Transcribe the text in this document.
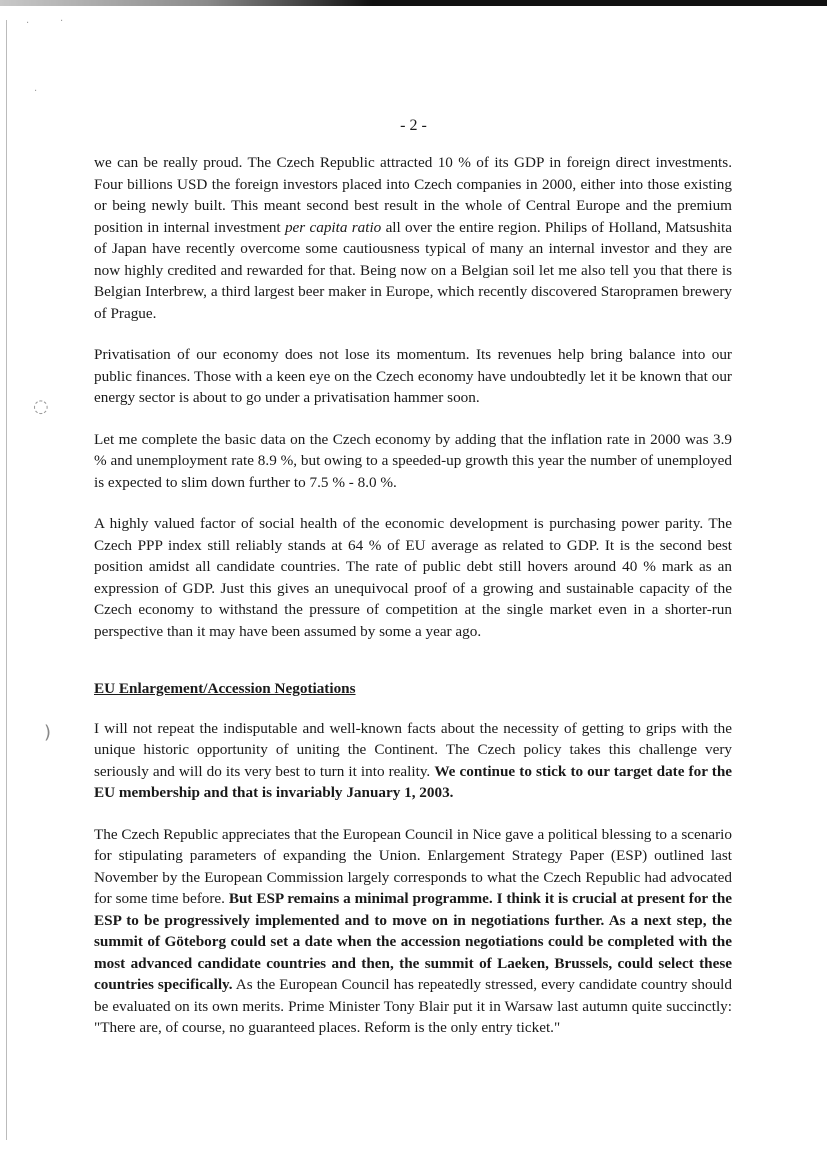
·	·
·
◌
)
- 2 -

we can be really proud. The Czech Republic attracted 10 % of its GDP in foreign direct investments. Four billions USD the foreign investors placed into Czech companies in 2000, either into those existing or being newly built. This meant second best result in the whole of Central Europe and the premium position in internal investment per capita ratio all over the entire region. Philips of Holland, Matsushita of Japan have recently overcome some cautiousness typical of many an internal investor and they are now highly credited and rewarded for that. Being now on a Belgian soil let me also tell you that there is Belgian Interbrew, a third largest beer maker in Europe, which recently discovered Staropramen brewery of Prague.

Privatisation of our economy does not lose its momentum. Its revenues help bring balance into our public finances. Those with a keen eye on the Czech economy have undoubtedly let it be known that our energy sector is about to go under a privatisation hammer soon.

Let me complete the basic data on the Czech economy by adding that the inflation rate in 2000 was 3.9 % and unemployment rate 8.9 %, but owing to a speeded-up growth this year the number of unemployed is expected to slim down further to 7.5 % - 8.0 %.

A highly valued factor of social health of the economic development is purchasing power parity. The Czech PPP index still reliably stands at 64 % of EU average as related to GDP. It is the second best position amidst all candidate countries. The rate of public debt still hovers around 40 % mark as an expression of GDP. Just this gives an unequivocal proof of a growing and sustainable capacity of the Czech economy to withstand the pressure of competition at the single market even in a shorter-run perspective than it may have been assumed by some a year ago.

EU Enlargement/Accession Negotiations

I will not repeat the indisputable and well-known facts about the necessity of getting to grips with the unique historic opportunity of uniting the Continent. The Czech policy takes this challenge very seriously and will do its very best to turn it into reality. We continue to stick to our target date for the EU membership and that is invariably January 1, 2003.

The Czech Republic appreciates that the European Council in Nice gave a political blessing to a scenario for stipulating parameters of expanding the Union. Enlargement Strategy Paper (ESP) outlined last November by the European Commission largely corresponds to what the Czech Republic had advocated for some time before. But ESP remains a minimal programme. I think it is crucial at present for the ESP to be progressively implemented and to move on in negotiations further. As a next step, the summit of Göteborg could set a date when the accession negotiations could be completed with the most advanced candidate countries and then, the summit of Laeken, Brussels, could select these countries specifically. As the European Council has repeatedly stressed, every candidate country should be evaluated on its own merits. Prime Minister Tony Blair put it in Warsaw last autumn quite succinctly: "There are, of course, no guaranteed places. Reform is the only entry ticket."
